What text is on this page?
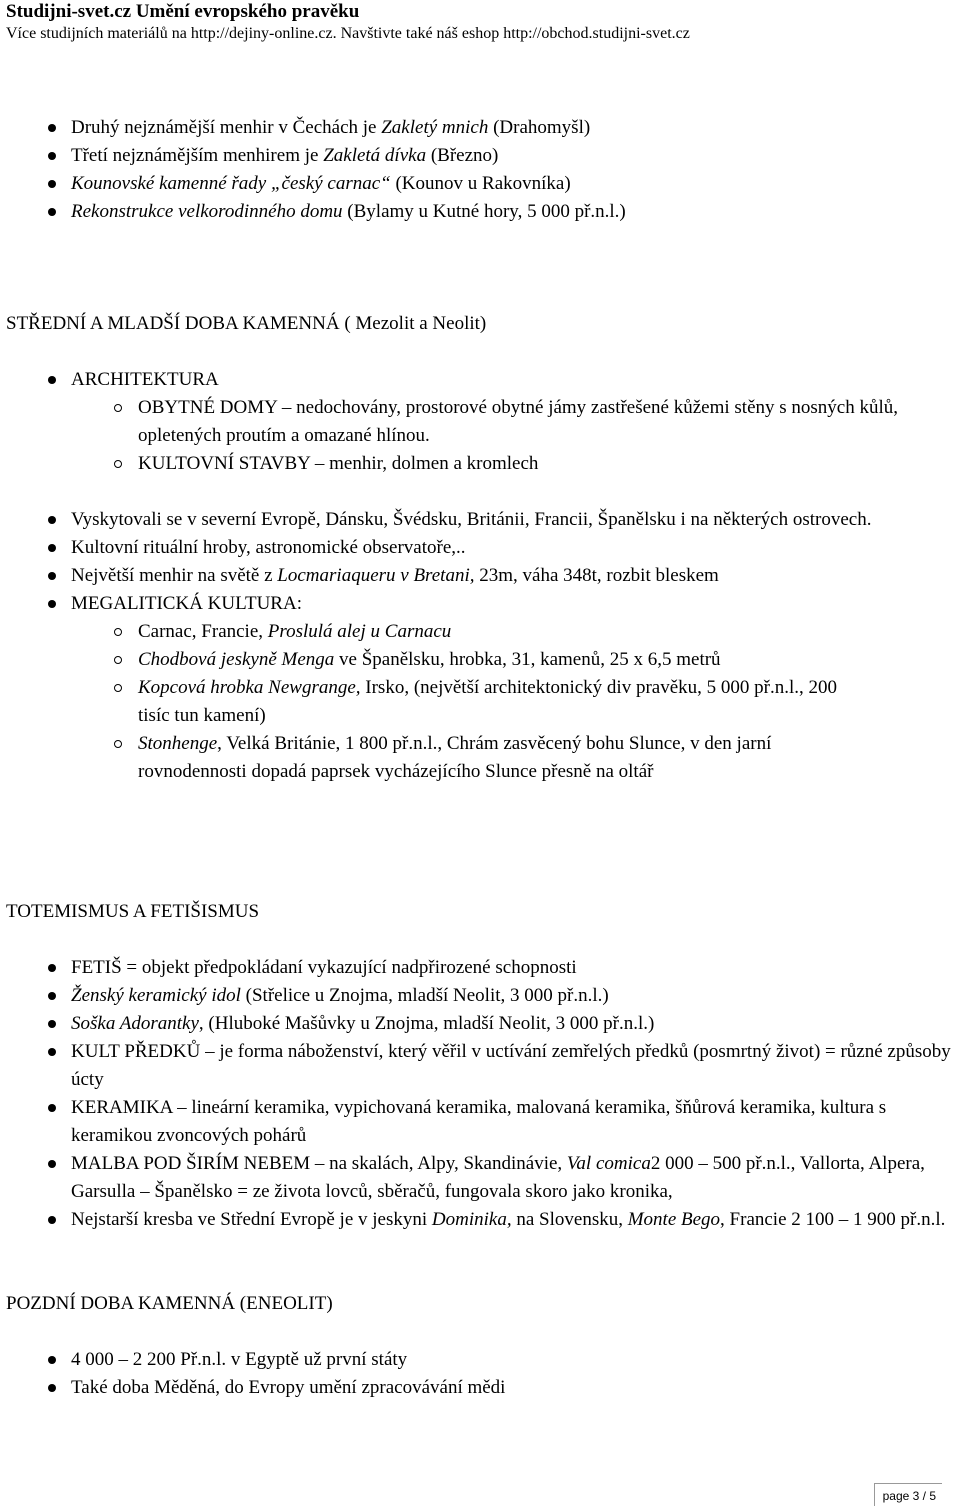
Studijni-svet.cz Umění evropského pravěku
Více studijních materiálů na http://dejiny-online.cz. Navštivte také náš eshop http://obchod.studijni-svet.cz
Druhý nejznámější menhir v Čechách je Zakletý mnich (Drahomyšl)
Třetí nejznámějším menhirem je Zakletá dívka (Březno)
Kounovské kamenné řady „český carnac“ (Kounov u Rakovníka)
Rekonstrukce velkorodinného domu (Bylamy u Kutné hory, 5 000 př.n.l.)
STŘEDNÍ A MLADŠÍ DOBA KAMENNÁ ( Mezolit a Neolit)
ARCHITEKTURA
OBYTNÉ DOMY – nedochovány, prostorové obytné jámy zastřešené kůžemi stěny s nosných kůlů, opletených proutím a omazané hlínou.
KULTOVNÍ STAVBY – menhir, dolmen a kromlech
Vyskytovali se v severní Evropě, Dánsku, Švédsku, Británii, Francii, Španělsku i na některých ostrovech.
Kultovní rituální hroby, astronomické observatoře,..
Největší menhir na světě z Locmariaqueru v Bretani, 23m, váha 348t, rozbit bleskem
MEGALITICKÁ KULTURA:
Carnac, Francie, Proslulá alej u Carnacu
Chodbová jeskyně Menga ve Španělsku, hrobka, 31, kamenů, 25 x 6,5 metrů
Kopcová hrobka Newgrange, Irsko, (největší architektonický div pravěku, 5 000 př.n.l., 200 tisíc tun kamení)
Stonhenge, Velká Británie, 1 800 př.n.l., Chrám zasvěcený bohu Slunce, v den jarní rovnodennosti dopadá paprsek vycházejícího Slunce přesně na oltář
TOTEMISMUS A FETIŠISMUS
FETIŠ = objekt předpokládaní vykazující nadpřirozené schopnosti
Ženský keramický idol (Střelice u Znojma, mladší Neolit, 3 000 př.n.l.)
Soška Adorantky, (Hluboké Mašůvky u Znojma, mladší Neolit, 3 000 př.n.l.)
KULT PŘEDKŮ – je forma náboženství, který věřil v uctívání zemřelých předků (posmrtný život) = různé způsoby úcty
KERAMIKA – lineární keramika, vypichovaná keramika, malovaná keramika, šňůrová keramika, kultura s keramikou zvoncových pohárů
MALBA POD ŠIRÍM NEBEM – na skalách, Alpy, Skandinávie, Val comica2 000 – 500 př.n.l., Vallorta, Alpera, Garsulla – Španělsko = ze života lovců, sběračů, fungovala skoro jako kronika,
Nejstarší kresba ve Střední Evropě je v jeskyni Dominika, na Slovensku, Monte Bego, Francie 2 100 – 1 900 př.n.l.
POZDNÍ DOBA KAMENNÁ (ENEOLIT)
4 000 – 2 200 Př.n.l. v Egyptě už první státy
Také doba Měděná, do Evropy umění zpracovávání mědi
page 3 / 5
